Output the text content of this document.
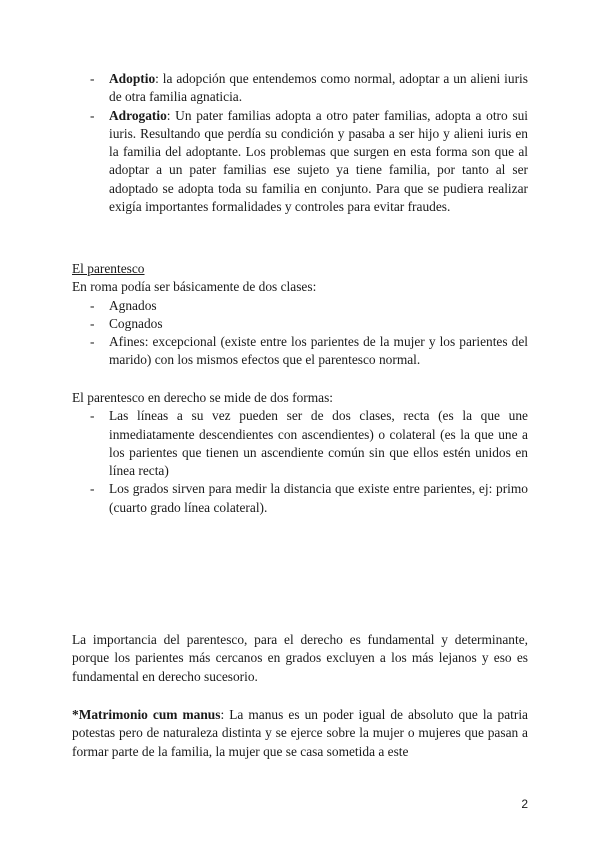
- Adoptio: la adopción que entendemos como normal, adoptar a un alieni iuris de otra familia agnaticia.

- Adrogatio: Un pater familias adopta a otro pater familias, adopta a otro sui iuris. Resultando que perdía su condición y pasaba a ser hijo y alieni iuris en la familia del adoptante. Los problemas que surgen en esta forma son que al adoptar a un pater familias ese sujeto ya tiene familia, por tanto al ser adoptado se adopta toda su familia en conjunto. Para que se pudiera realizar exigía importantes formalidades y controles para evitar fraudes.

El parentesco

En roma podía ser básicamente de dos clases:

- Agnados

- Cognados

- Afines: excepcional (existe entre los parientes de la mujer y los parientes del marido) con los mismos efectos que el parentesco normal.

El parentesco en derecho se mide de dos formas:

- Las líneas a su vez pueden ser de dos clases, recta (es la que une inmediatamente descendientes con ascendientes) o colateral (es la que une a los parientes que tienen un ascendiente común sin que ellos estén unidos en línea recta)

- Los grados sirven para medir la distancia que existe entre parientes, ej: primo (cuarto grado línea colateral).

La importancia del parentesco, para el derecho es fundamental y determinante, porque los parientes más cercanos en grados excluyen a los más lejanos y eso es fundamental en derecho sucesorio.

*Matrimonio cum manus: La manus es un poder igual de absoluto que la patria potestas pero de naturaleza distinta y se ejerce sobre la mujer o mujeres que pasan a formar parte de la familia, la mujer que se casa sometida a este

2
